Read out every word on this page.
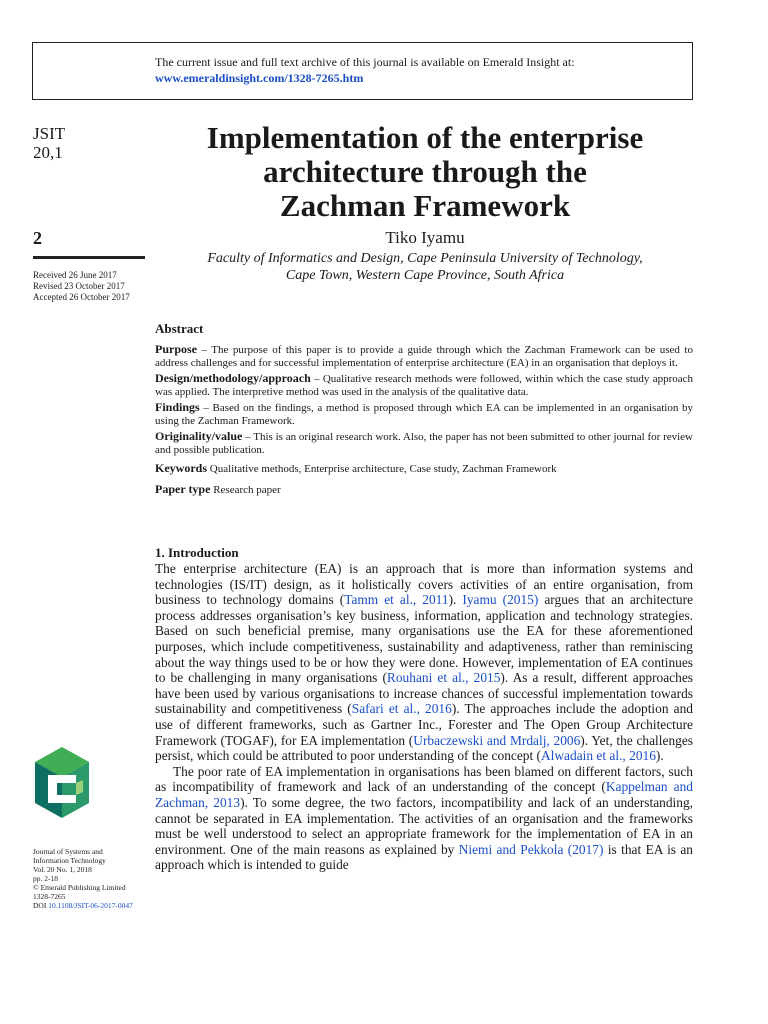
The current issue and full text archive of this journal is available on Emerald Insight at:
www.emeraldinsight.com/1328-7265.htm
JSIT
20,1
2
Received 26 June 2017
Revised 23 October 2017
Accepted 26 October 2017
Implementation of the enterprise
architecture through the
Zachman Framework
Tiko Iyamu
Faculty of Informatics and Design, Cape Peninsula University of Technology,
Cape Town, Western Cape Province, South Africa
Abstract

Purpose – The purpose of this paper is to provide a guide through which the Zachman Framework can be used to address challenges and for successful implementation of enterprise architecture (EA) in an organisation that deploys it.

Design/methodology/approach – Qualitative research methods were followed, within which the case study approach was applied. The interpretive method was used in the analysis of the qualitative data.

Findings – Based on the findings, a method is proposed through which EA can be implemented in an organisation by using the Zachman Framework.

Originality/value – This is an original research work. Also, the paper has not been submitted to other journal for review and possible publication.

Keywords Qualitative methods, Enterprise architecture, Case study, Zachman Framework

Paper type Research paper

1. Introduction

The enterprise architecture (EA) is an approach that is more than information systems and technologies (IS/IT) design, as it holistically covers activities of an entire organisation, from business to technology domains (Tamm et al., 2011). Iyamu (2015) argues that an architecture process addresses organisation’s key business, information, application and technology strategies. Based on such beneficial premise, many organisations use the EA for these aforementioned purposes, which include competitiveness, sustainability and adaptiveness, rather than reminiscing about the way things used to be or how they were done. However, implementation of EA continues to be challenging in many organisations (Rouhani et al., 2015). As a result, different approaches have been used by various organisations to increase chances of successful implementation towards sustainability and competitiveness (Safari et al., 2016). The approaches include the adoption and use of different frameworks, such as Gartner Inc., Forester and The Open Group Architecture Framework (TOGAF), for EA implementation (Urbaczewski and Mrdalj, 2006). Yet, the challenges persist, which could be attributed to poor understanding of the concept (Alwadain et al., 2016).

The poor rate of EA implementation in organisations has been blamed on different factors, such as incompatibility of framework and lack of an understanding of the concept (Kappelman and Zachman, 2013). To some degree, the two factors, incompatibility and lack of an understanding, cannot be separated in EA implementation. The activities of an organisation and the frameworks must be well understood to select an appropriate framework for the implementation of EA in an environment. One of the main reasons as explained by Niemi and Pekkola (2017) is that EA is an approach which is intended to guide

Journal of Systems and
Information Technology
Vol. 20 No. 1, 2018
pp. 2-18
© Emerald Publishing Limited
1328-7265
DOI 10.1108/JSIT-06-2017-0047
